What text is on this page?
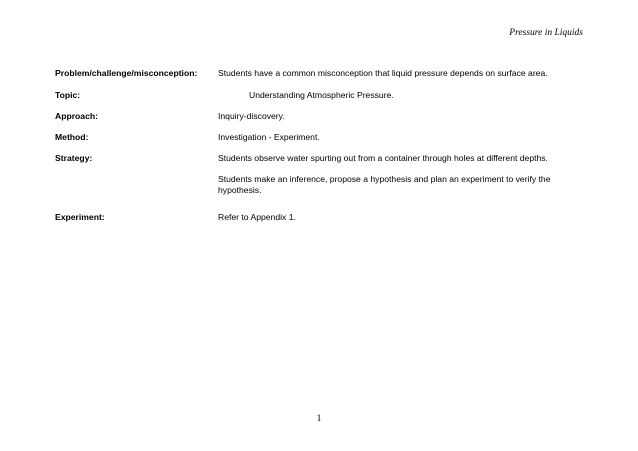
Pressure in Liquids
Problem/challenge/misconception: Students have a common misconception that liquid pressure depends on surface area.
Topic:	Understanding Atmospheric Pressure.
Approach:	Inquiry-discovery.
Method:	Investigation - Experiment.
Strategy:	Students observe water spurting out from a container through holes at different depths.
Students make an inference, propose a hypothesis and plan an experiment to verify the hypothesis.
Experiment:	Refer to Appendix 1.
1
